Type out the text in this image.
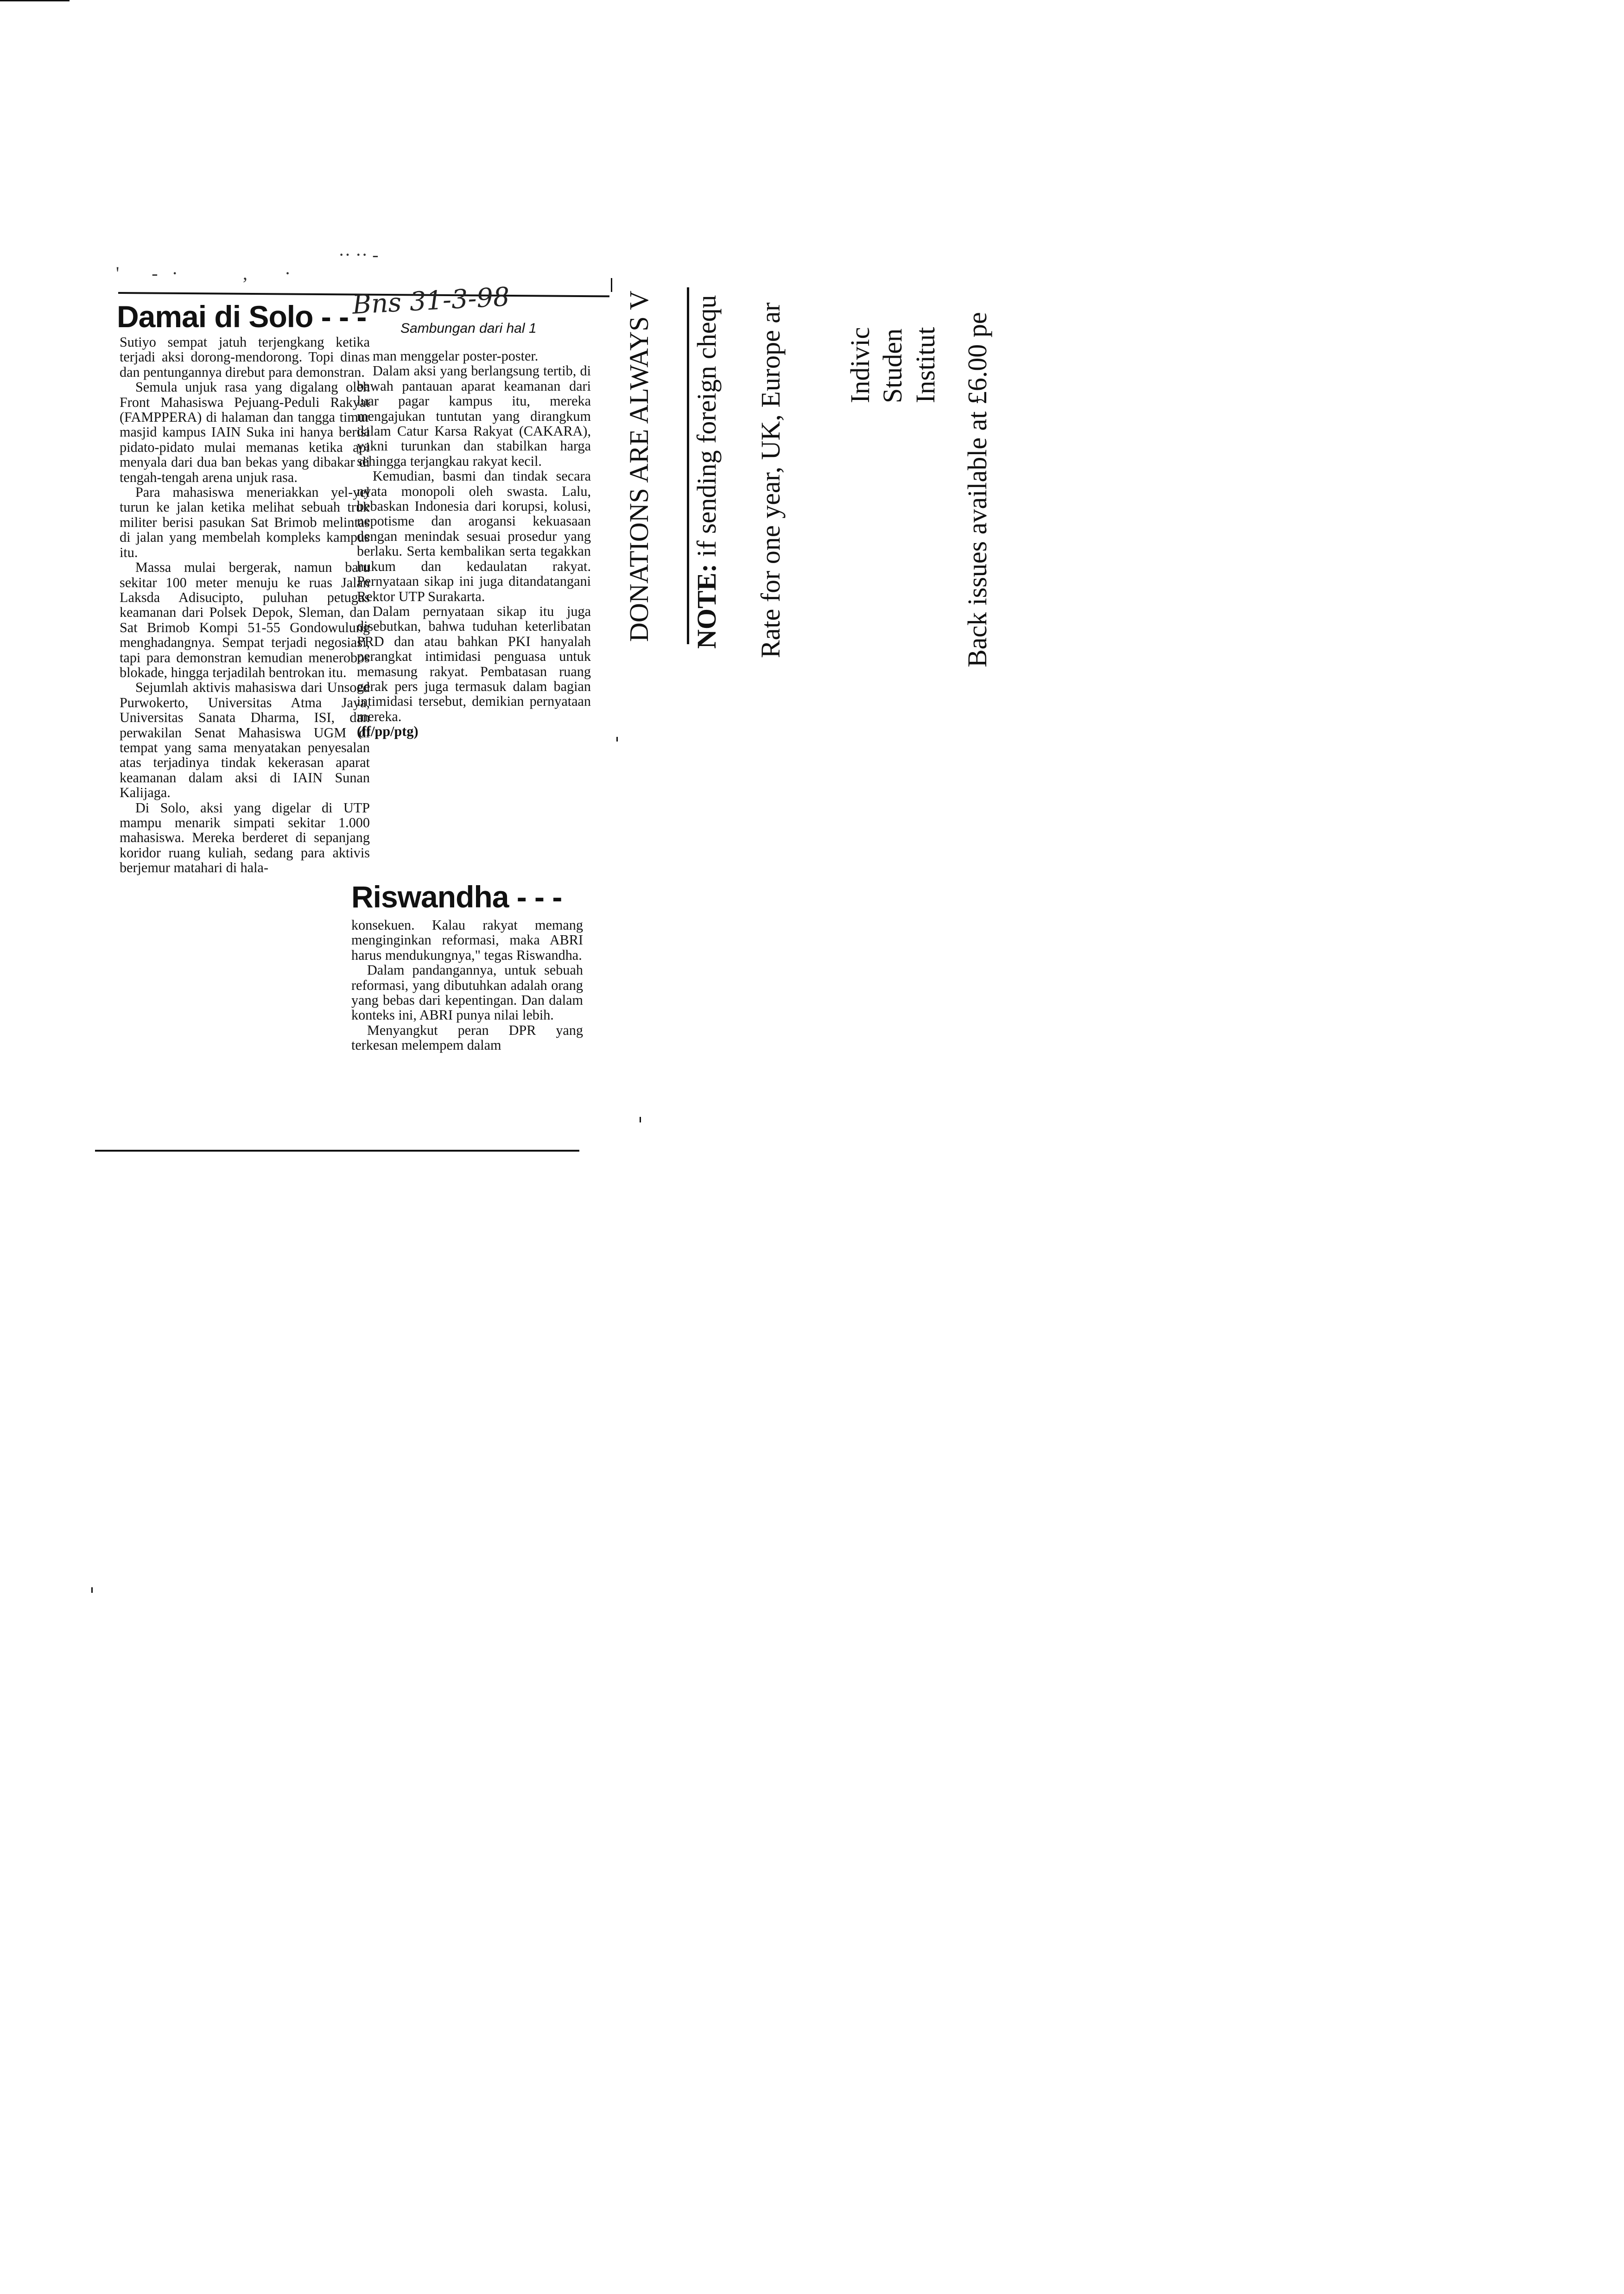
·· ·· -
'       -   ·              ,        ·
Damai di Solo - - -
Bns 31-3-98
Sambungan dari hal 1

Sutiyo sempat jatuh terjengkang ketika terjadi aksi dorong-mendorong. Topi dinas dan pentungannya direbut para demonstran.

Semula unjuk rasa yang digalang oleh Front Mahasiswa Pejuang-Peduli Rakyat (FAMPPERA) di halaman dan tangga timur masjid kampus IAIN Suka ini hanya berisi pidato-pidato mulai memanas ketika api menyala dari dua ban bekas yang dibakar di tengah-tengah arena unjuk rasa.

Para mahasiswa meneriakkan yel-yel turun ke jalan ketika melihat sebuah truk militer berisi pasukan Sat Brimob melintas di jalan yang membelah kompleks kampus itu.

Massa mulai bergerak, namun baru sekitar 100 meter menuju ke ruas Jalan Laksda Adisucipto, puluhan petugas keamanan dari Polsek Depok, Sleman, dan Sat Brimob Kompi 51-55 Gondowulung menghadangnya. Sempat terjadi negosiasi, tapi para demonstran kemudian menerobos blokade, hingga terjadilah bentrokan itu.

Sejumlah aktivis mahasiswa dari Unsoed Purwokerto, Universitas Atma Jaya, Universitas Sanata Dharma, ISI, dan perwakilan Senat Mahasiswa UGM di tempat yang sama menyatakan penyesalan atas terjadinya tindak kekerasan aparat keamanan dalam aksi di IAIN Sunan Kalijaga.

Di Solo, aksi yang digelar di UTP mampu menarik simpati sekitar 1.000 mahasiswa. Mereka berderet di sepanjang koridor ruang kuliah, sedang para aktivis berjemur matahari di hala-

man menggelar poster-poster.

Dalam aksi yang berlangsung tertib, di bawah pantauan aparat keamanan dari luar pagar kampus itu, mereka mengajukan tuntutan yang dirangkum dalam Catur Karsa Rakyat (CAKARA), yakni turunkan dan stabilkan harga sehingga terjangkau rakyat kecil.

Kemudian, basmi dan tindak secara nyata monopoli oleh swasta. Lalu, bebaskan Indonesia dari korupsi, kolusi, nepotisme dan arogansi kekuasaan dengan menindak sesuai prosedur yang berlaku. Serta kembalikan serta tegakkan hukum dan kedaulatan rakyat. Pernyataan sikap ini juga ditandatangani Rektor UTP Surakarta.

Dalam pernyataan sikap itu juga disebutkan, bahwa tuduhan keterlibatan PRD dan atau bahkan PKI hanyalah perangkat intimidasi penguasa untuk memasung rakyat. Pembatasan ruang gerak pers juga termasuk dalam bagian intimidasi tersebut, demikian pernyataan mereka.

(ff/pp/ptg)

Riswandha - - -

konsekuen. Kalau rakyat memang menginginkan reformasi, maka ABRI harus mendukungnya," tegas Riswandha.

Dalam pandangannya, untuk sebuah reformasi, yang dibutuhkan adalah orang yang bebas dari kepentingan. Dan dalam konteks ini, ABRI punya nilai lebih.

Menyangkut peran DPR yang terkesan melempem dalam

DONATIONS ARE ALWAYS V NOTE: if sending foreign chequ Rate for one year, UK, Europe ar Indivic Studen Institut Back issues available at £6.00 pe
